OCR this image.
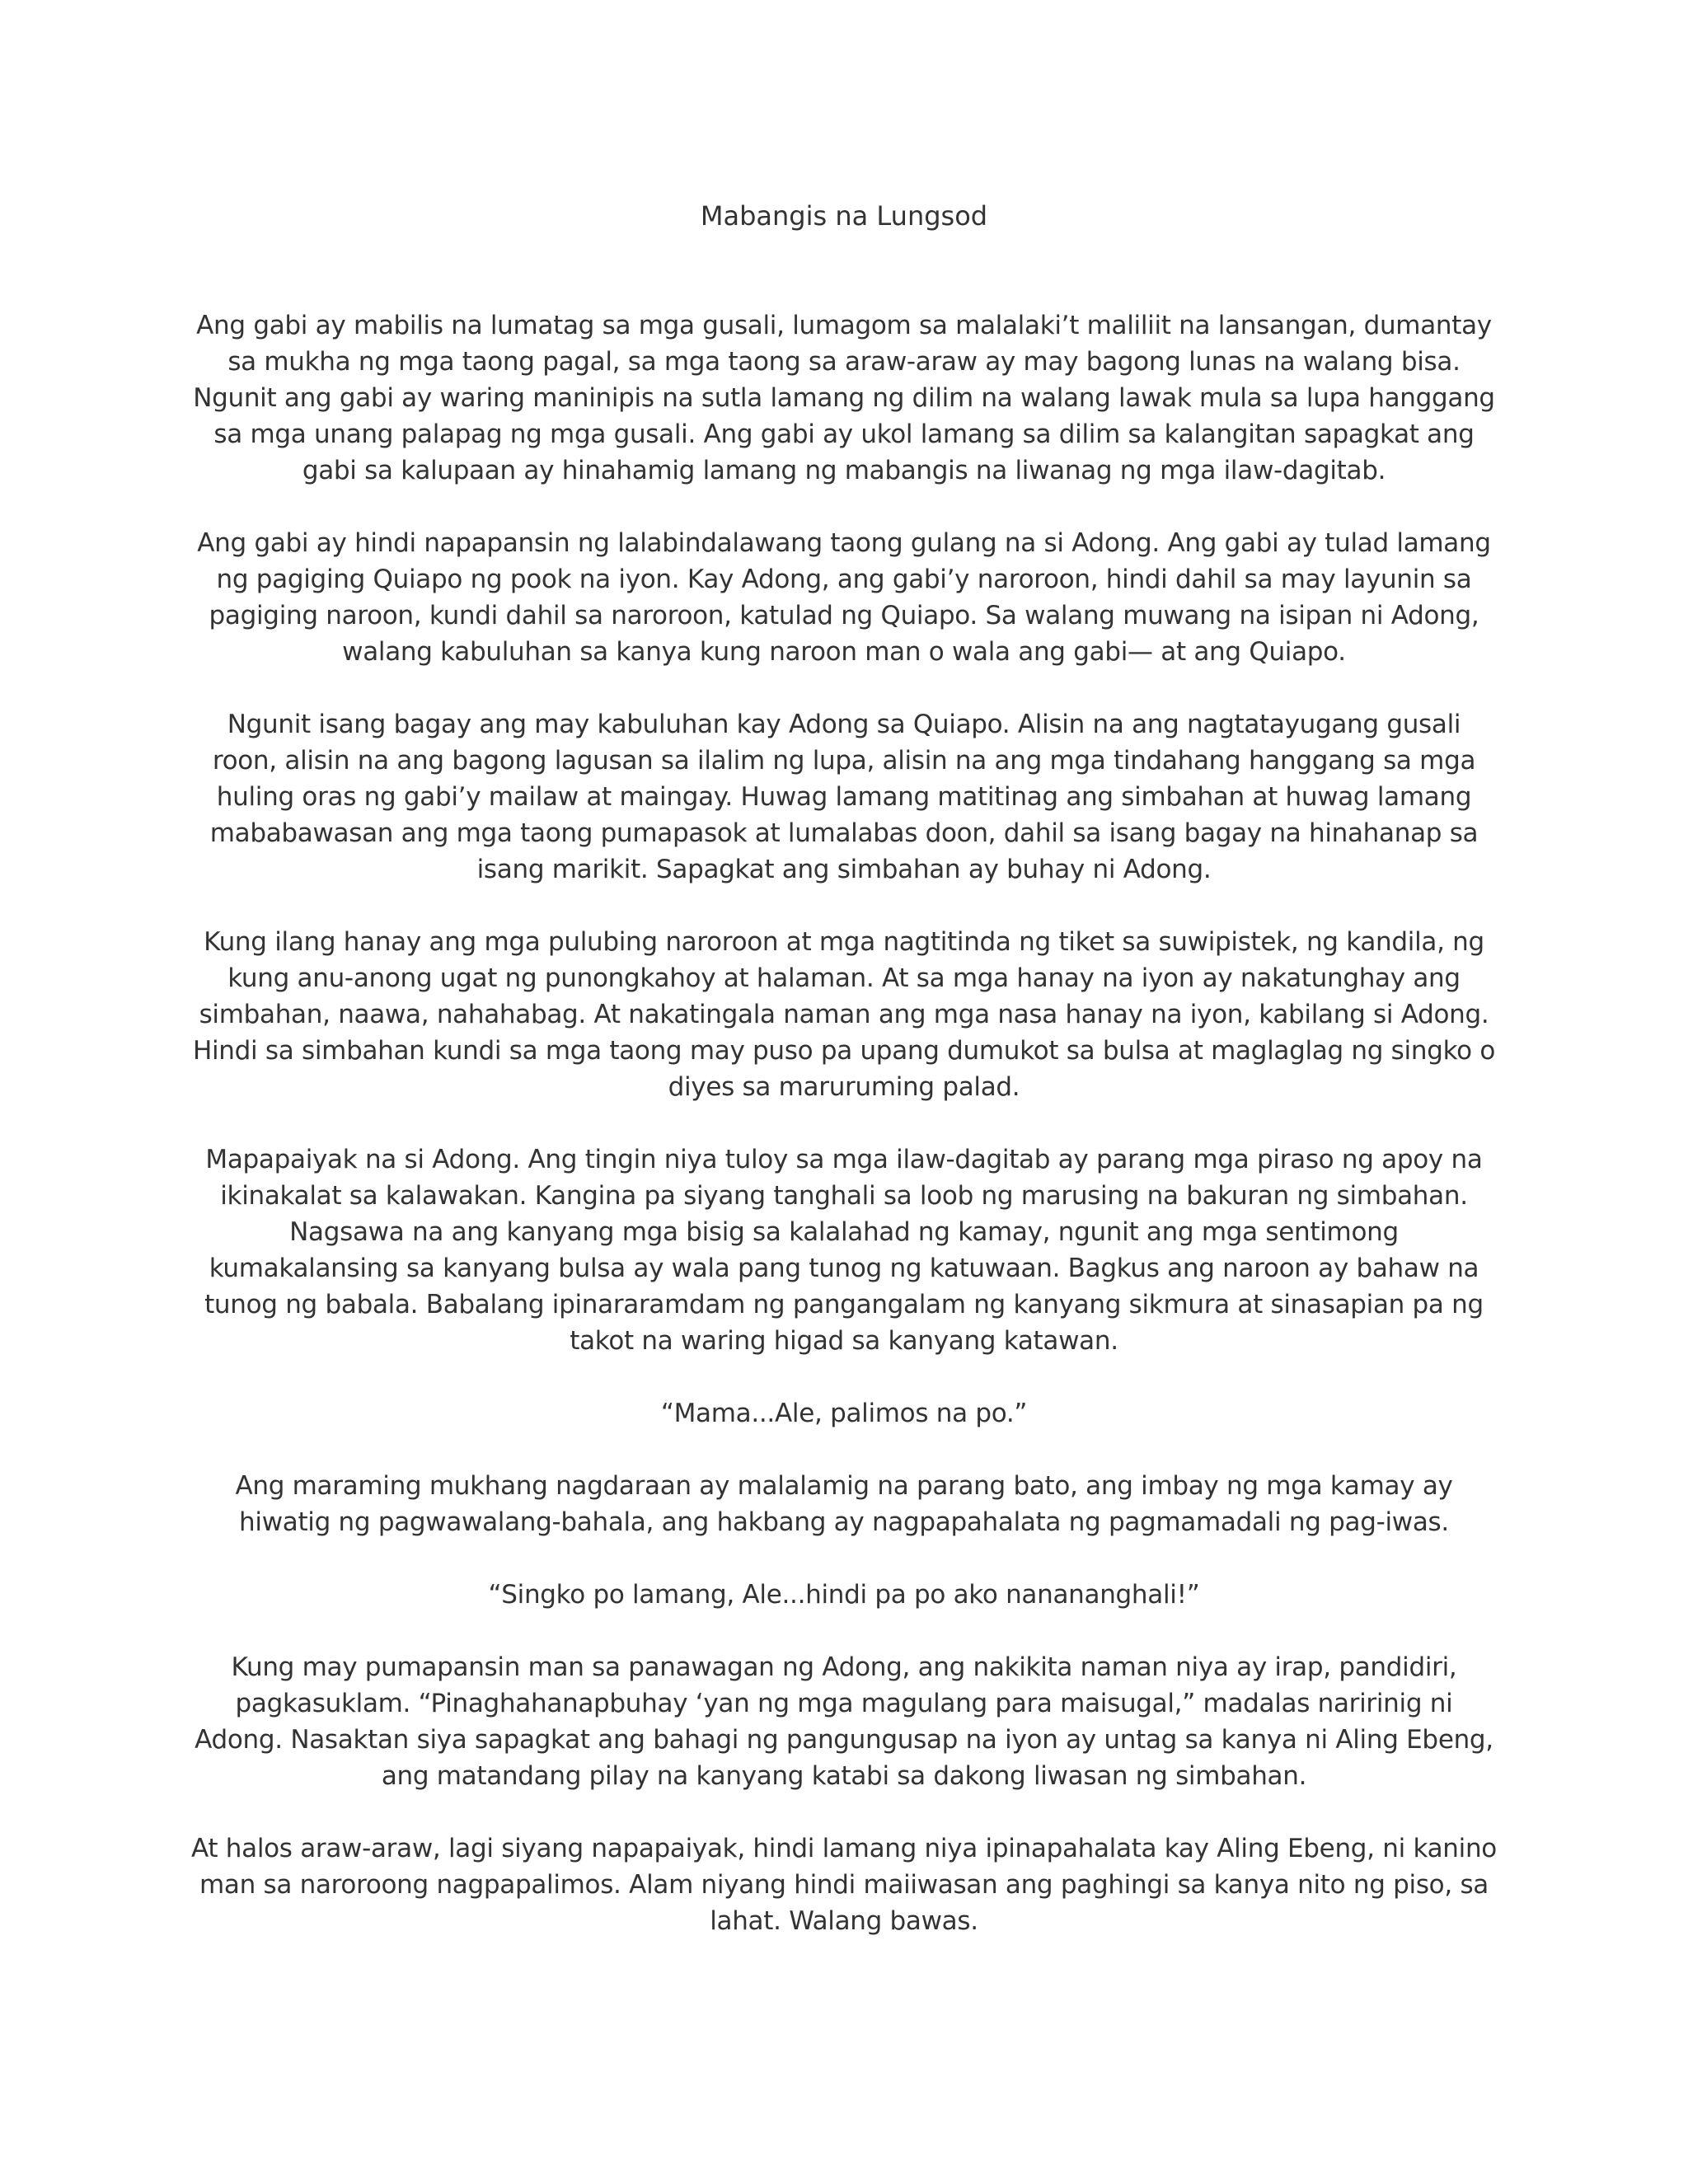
Mabangis na Lungsod

Ang gabi ay mabilis na lumatag sa mga gusali, lumagom sa malalaki’t maliliit na lansangan, dumantay sa mukha ng mga taong pagal, sa mga taong sa araw-araw ay may bagong lunas na walang bisa. Ngunit ang gabi ay waring maninipis na sutla lamang ng dilim na walang lawak mula sa lupa hanggang sa mga unang palapag ng mga gusali. Ang gabi ay ukol lamang sa dilim sa kalangitan sapagkat ang gabi sa kalupaan ay hinahamig lamang ng mabangis na liwanag ng mga ilaw-dagitab.

Ang gabi ay hindi napapansin ng lalabindalawang taong gulang na si Adong. Ang gabi ay tulad lamang ng pagiging Quiapo ng pook na iyon. Kay Adong, ang gabi’y naroroon, hindi dahil sa may layunin sa pagiging naroon, kundi dahil sa naroroon, katulad ng Quiapo. Sa walang muwang na isipan ni Adong, walang kabuluhan sa kanya kung naroon man o wala ang gabi— at ang Quiapo.

Ngunit isang bagay ang may kabuluhan kay Adong sa Quiapo. Alisin na ang nagtatayugang gusali roon, alisin na ang bagong lagusan sa ilalim ng lupa, alisin na ang mga tindahang hanggang sa mga huling oras ng gabi’y mailaw at maingay. Huwag lamang matitinag ang simbahan at huwag lamang mababawasan ang mga taong pumapasok at lumalabas doon, dahil sa isang bagay na hinahanap sa isang marikit. Sapagkat ang simbahan ay buhay ni Adong.

Kung ilang hanay ang mga pulubing naroroon at mga nagtitinda ng tiket sa suwipistek, ng kandila, ng kung anu-anong ugat ng punongkahoy at halaman. At sa mga hanay na iyon ay nakatunghay ang simbahan, naawa, nahahabag. At nakatingala naman ang mga nasa hanay na iyon, kabilang si Adong. Hindi sa simbahan kundi sa mga taong may puso pa upang dumukot sa bulsa at maglaglag ng singko o diyes sa maruruming palad.

Mapapaiyak na si Adong. Ang tingin niya tuloy sa mga ilaw-dagitab ay parang mga piraso ng apoy na ikinakalat sa kalawakan. Kangina pa siyang tanghali sa loob ng marusing na bakuran ng simbahan. Nagsawa na ang kanyang mga bisig sa kalalahad ng kamay, ngunit ang mga sentimong kumakalansing sa kanyang bulsa ay wala pang tunog ng katuwaan. Bagkus ang naroon ay bahaw na tunog ng babala. Babalang ipinararamdam ng pangangalam ng kanyang sikmura at sinasapian pa ng takot na waring higad sa kanyang katawan.

“Mama...Ale, palimos na po.”

Ang maraming mukhang nagdaraan ay malalamig na parang bato, ang imbay ng mga kamay ay hiwatig ng pagwawalang-bahala, ang hakbang ay nagpapahalata ng pagmamadali ng pag-iwas.

“Singko po lamang, Ale...hindi pa po ako nanananghali!”

Kung may pumapansin man sa panawagan ng Adong, ang nakikita naman niya ay irap, pandidiri, pagkasuklam. “Pinaghahanapbuhay ‘yan ng mga magulang para maisugal,” madalas naririnig ni Adong. Nasaktan siya sapagkat ang bahagi ng pangungusap na iyon ay untag sa kanya ni Aling Ebeng, ang matandang pilay na kanyang katabi sa dakong liwasan ng simbahan.

At halos araw-araw, lagi siyang napapaiyak, hindi lamang niya ipinapahalata kay Aling Ebeng, ni kanino man sa naroroong nagpapalimos. Alam niyang hindi maiiwasan ang paghingi sa kanya nito ng piso, sa lahat. Walang bawas.
